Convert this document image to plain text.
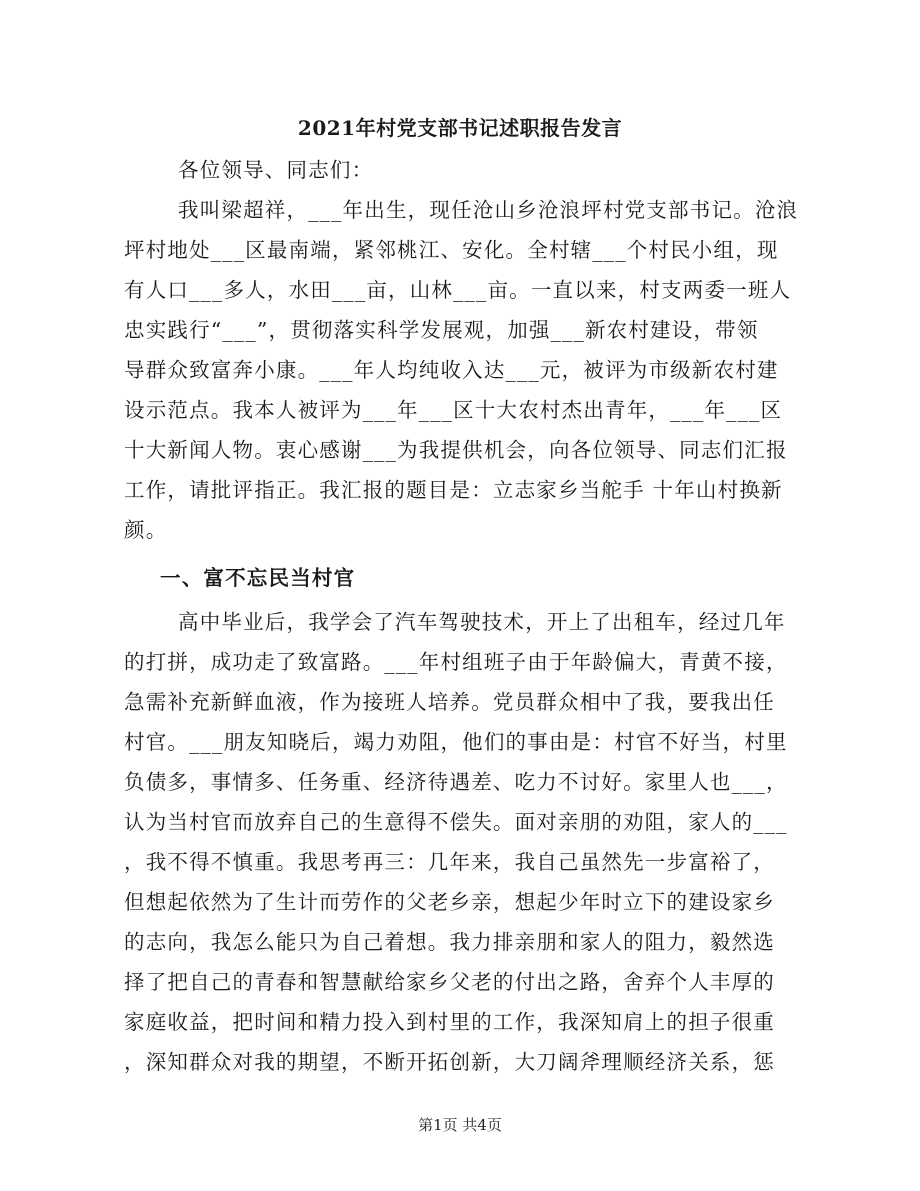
2021年村党支部书记述职报告发言
各位领导、同志们：
我叫梁超祥，___年出生，现任沧山乡沧浪坪村党支部书记。沧浪
坪村地处___区最南端，紧邻桃江、安化。全村辖___个村民小组，现
有人口___多人，水田___亩，山林___亩。一直以来，村支两委一班人
忠实践行“___”，贯彻落实科学发展观，加强___新农村建设，带领
导群众致富奔小康。___年人均纯收入达___元，被评为市级新农村建
设示范点。我本人被评为___年___区十大农村杰出青年，___年___区
十大新闻人物。衷心感谢___为我提供机会，向各位领导、同志们汇报
工作，请批评指正。我汇报的题目是：立志家乡当舵手 十年山村换新
颜。
一、富不忘民当村官
高中毕业后，我学会了汽车驾驶技术，开上了出租车，经过几年
的打拼，成功走了致富路。___年村组班子由于年龄偏大，青黄不接，
急需补充新鲜血液，作为接班人培养。党员群众相中了我，要我出任
村官。___朋友知晓后，竭力劝阻，他们的事由是：村官不好当，村里
负债多，事情多、任务重、经济待遇差、吃力不讨好。家里人也___，
认为当村官而放弃自己的生意得不偿失。面对亲朋的劝阻，家人的___
，我不得不慎重。我思考再三：几年来，我自己虽然先一步富裕了，
但想起依然为了生计而劳作的父老乡亲，想起少年时立下的建设家乡
的志向，我怎么能只为自己着想。我力排亲朋和家人的阻力，毅然选
择了把自己的青春和智慧献给家乡父老的付出之路，舍弃个人丰厚的
家庭收益，把时间和精力投入到村里的工作，我深知肩上的担子很重
，深知群众对我的期望，不断开拓创新，大刀阔斧理顺经济关系，惩
第1页 共4页
